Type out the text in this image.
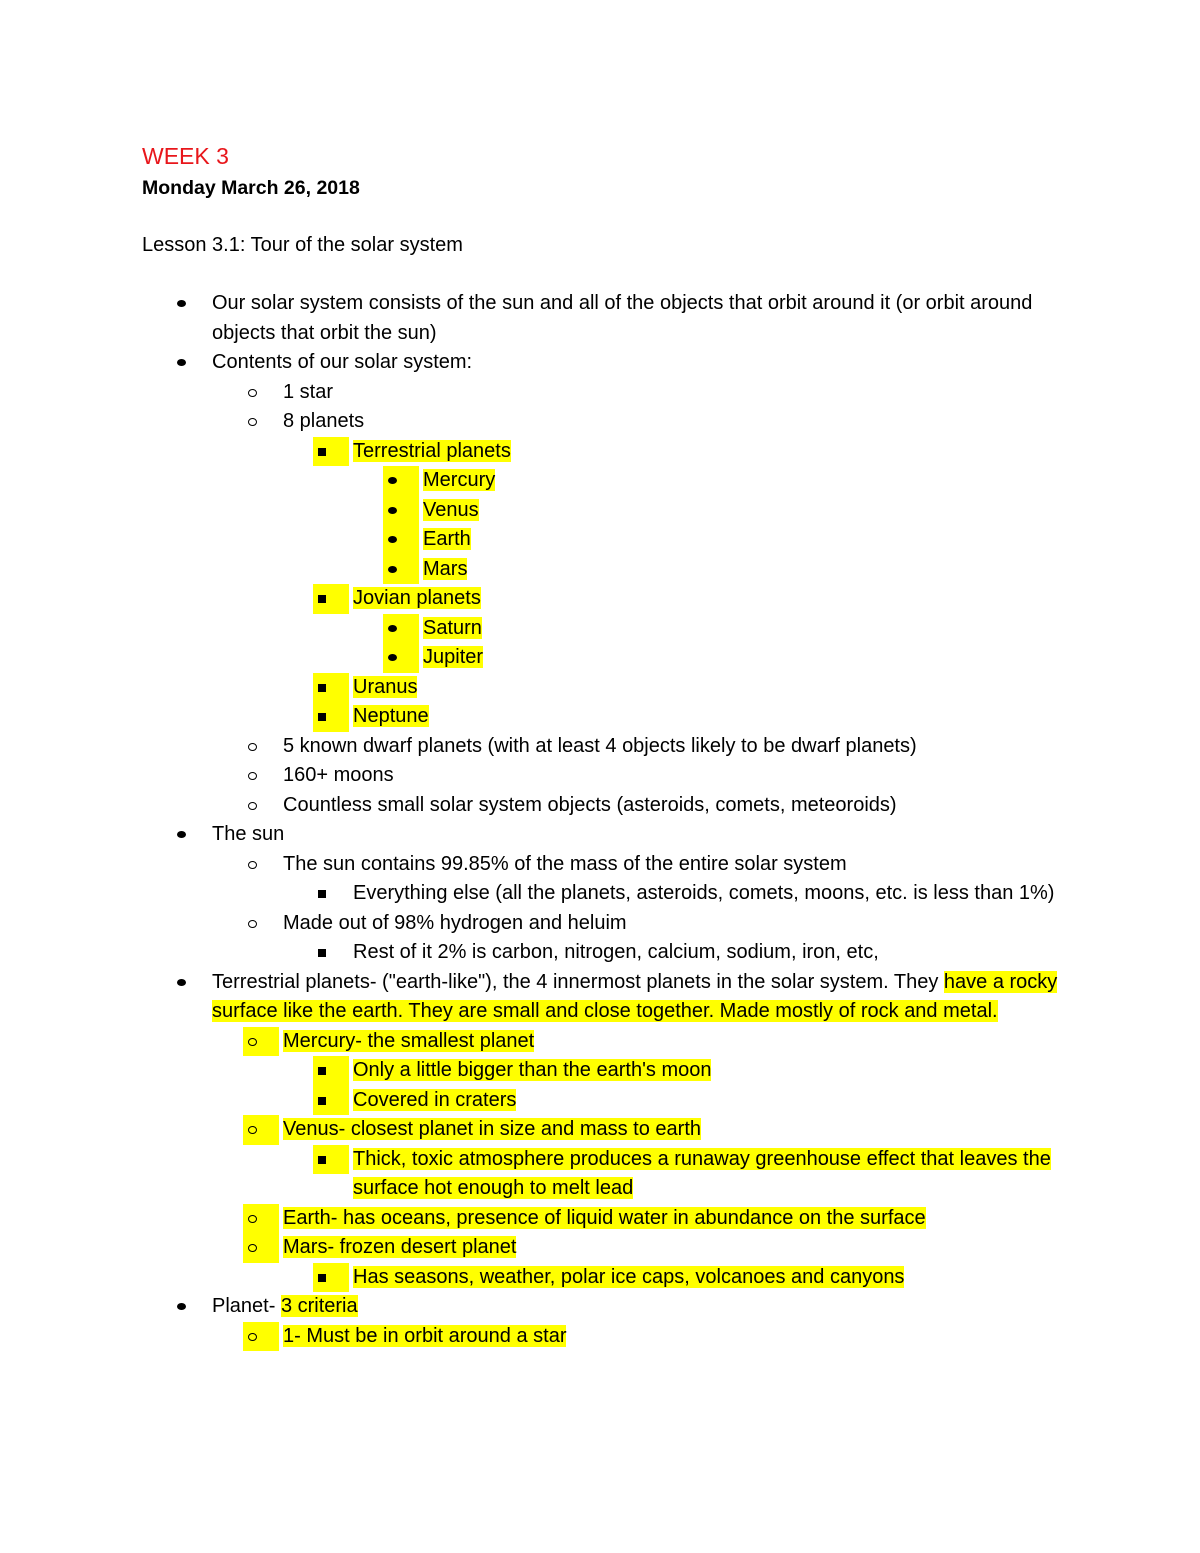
WEEK 3
Monday March 26, 2018
Lesson 3.1: Tour of the solar system
Our solar system consists of the sun and all of the objects that orbit around it (or orbit around objects that orbit the sun)
Contents of our solar system:
1 star
8 planets
Terrestrial planets
Mercury
Venus
Earth
Mars
Jovian planets
Saturn
Jupiter
Uranus
Neptune
5 known dwarf planets (with at least 4 objects likely to be dwarf planets)
160+ moons
Countless small solar system objects (asteroids, comets, meteoroids)
The sun
The sun contains 99.85% of the mass of the entire solar system
Everything else (all the planets, asteroids, comets, moons, etc. is less than 1%)
Made out of 98% hydrogen and heluim
Rest of it 2% is carbon, nitrogen, calcium, sodium, iron, etc,
Terrestrial planets- ("earth-like"), the 4 innermost planets in the solar system. They have a rocky surface like the earth. They are small and close together. Made mostly of rock and metal.
Mercury- the smallest planet
Only a little bigger than the earth's moon
Covered in craters
Venus- closest planet in size and mass to earth
Thick, toxic atmosphere produces a runaway greenhouse effect that leaves the surface hot enough to melt lead
Earth- has oceans, presence of liquid water in abundance on the surface
Mars- frozen desert planet
Has seasons, weather, polar ice caps, volcanoes and canyons
Planet- 3 criteria
1- Must be in orbit around a star
